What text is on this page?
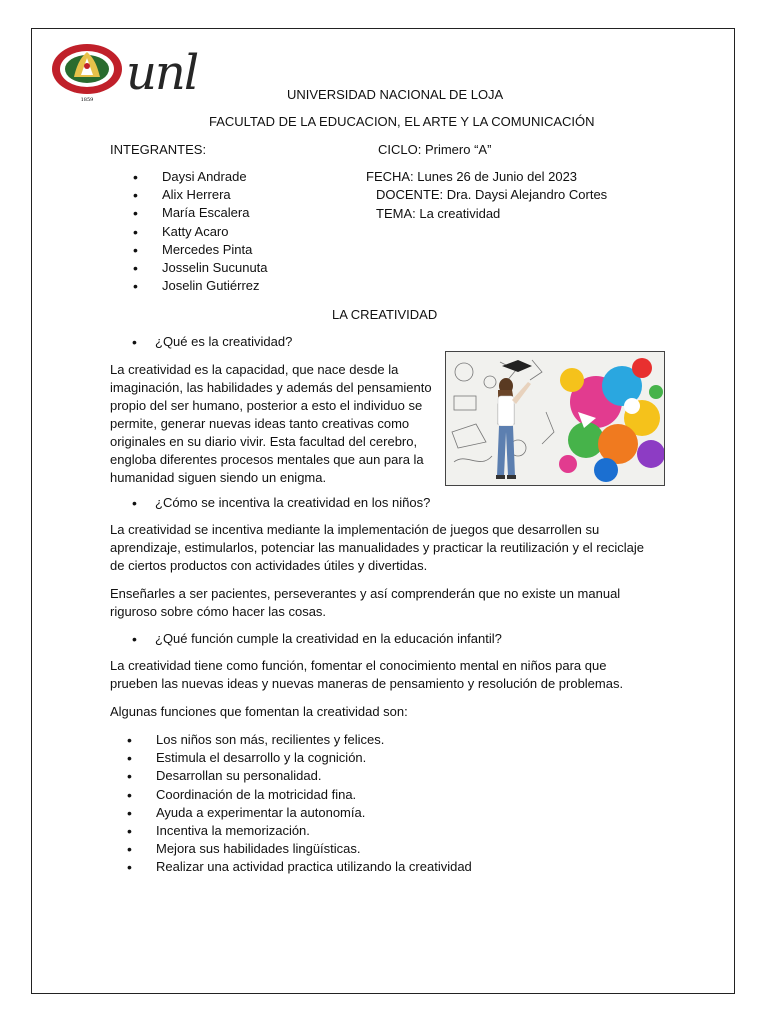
1859 unl	UNIVERSIDAD NACIONAL DE LOJA
FACULTAD DE LA EDUCACION, EL ARTE Y LA COMUNICACIÓN
INTEGRANTES:
• Daysi Andrade
• Alix Herrera
• María Escalera
• Katty Acaro
• Mercedes Pinta
• Josselin Sucunuta
• Joselin Gutiérrez
CICLO: Primero “A”
FECHA: Lunes 26 de Junio del 2023
DOCENTE: Dra. Daysi Alejandro Cortes
TEMA: La creatividad
LA CREATIVIDAD
• ¿Qué es la creatividad?
La creatividad es la capacidad, que nace desde la
imaginación, las habilidades y además del pensamiento
propio del ser humano, posterior a esto el individuo se
permite, generar nuevas ideas tanto creativas como
originales en su diario vivir. Esta facultad del cerebro,
engloba diferentes procesos mentales que aun para la
humanidad siguen siendo un enigma.
• ¿Cómo se incentiva la creatividad en los niños?
La creatividad se incentiva mediante la implementación de juegos que desarrollen su
aprendizaje, estimularlos, potenciar las manualidades y practicar la reutilización y el reciclaje
de ciertos productos con actividades útiles y divertidas.
Enseñarles a ser pacientes, perseverantes y así comprenderán que no existe un manual
riguroso sobre cómo hacer las cosas.
• ¿Qué función cumple la creatividad en la educación infantil?
La creatividad tiene como función, fomentar el conocimiento mental en niños para que
prueben las nuevas ideas y nuevas maneras de pensamiento y resolución de problemas.
Algunas funciones que fomentan la creatividad son:
• Los niños son más, recilientes y felices.
• Estimula el desarrollo y la cognición.
• Desarrollan su personalidad.
• Coordinación de la motricidad fina.
• Ayuda a experimentar la autonomía.
• Incentiva la memorización.
• Mejora sus habilidades lingüísticas.
• Realizar una actividad practica utilizando la creatividad
